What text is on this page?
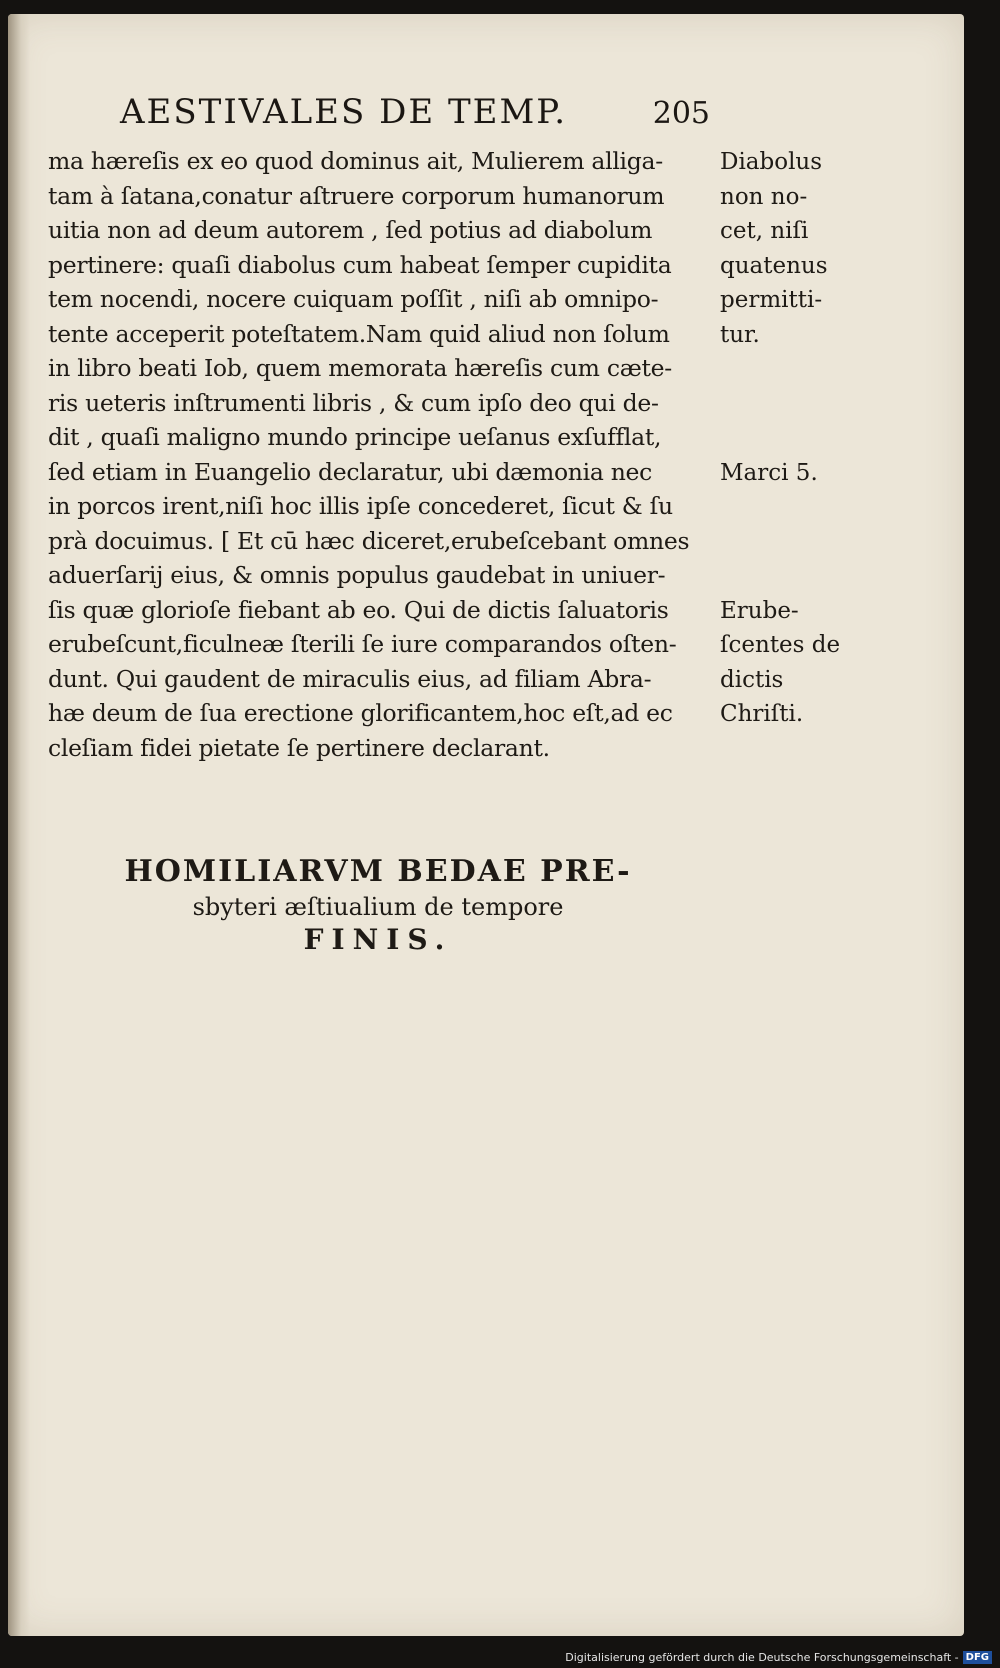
AESTIVALES DE TEMP.	205
ma hæreſis ex eo quod dominus ait, Mulierem alliga-	Diabolus
tam à ſatana,conatur aſtruere corporum humanorum	non no-
uitia non ad deum autorem , ſed potius ad diabolum	cet, niſi
pertinere: quaſi diabolus cum habeat ſemper cupidita	quatenus
tem nocendi, nocere cuiquam poſſit , niſi ab omnipo-	permitti-
tente acceperit poteſtatem.Nam quid aliud non ſolum	tur.
in libro beati Iob, quem memorata hæreſis cum cæte-
ris ueteris inſtrumenti libris , & cum ipſo deo qui de-
dit , quaſi maligno mundo principe ueſanus exſufflat,
ſed etiam in Euangelio declaratur, ubi dæmonia nec	Marci 5.
in porcos irent,niſi hoc illis ipſe concederet, ſicut & ſu
prà docuimus. [ Et cū hæc diceret,erubeſcebant omnes
aduerſarij eius, & omnis populus gaudebat in uniuer-
ſis quæ glorioſe fiebant ab eo. Qui de dictis ſaluatoris	Erube-
erubeſcunt,ficulneæ ſterili ſe iure comparandos oſten-	ſcentes de
dunt. Qui gaudent de miraculis eius, ad filiam Abra-	dictis
hæ deum de ſua erectione glorificantem,hoc eſt,ad ec	Chriſti.
cleſiam fidei pietate ſe pertinere declarant.
HOMILIARVM BEDAE PRE-
sbyteri æſtiualium de tempore
FINIS.
Digitalisierung gefördert durch die Deutsche Forschungsgemeinschaft - DFG
